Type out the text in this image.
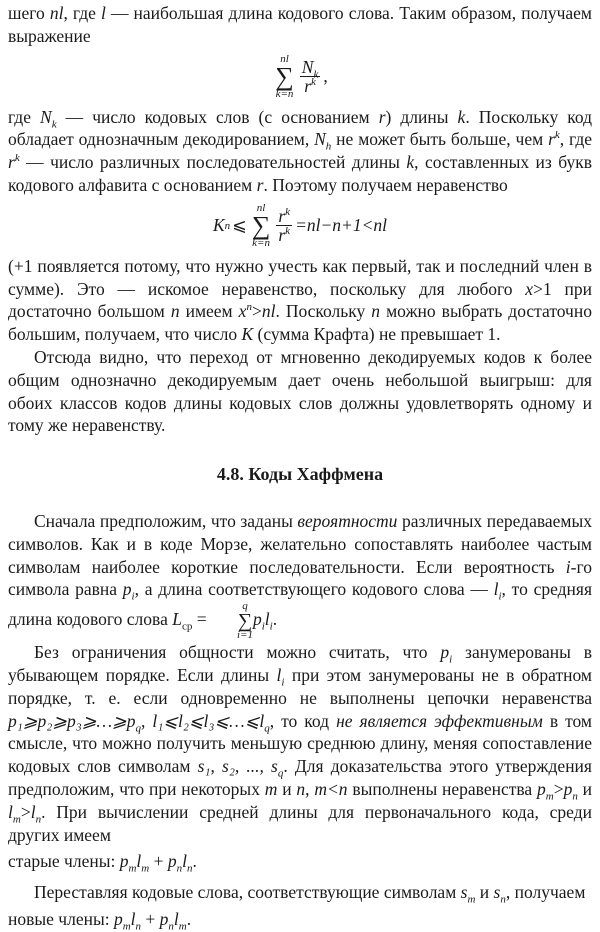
шего nl, где l — наибольшая длина кодового слова. Таким образом, получаем выражение

nl
∑
$k=n \frac{N_k}{r^k}$ ,

где $N_k$ — число кодовых слов (с основанием r) длины k. Поскольку код обладает однозначным декодированием, $N_h$ не может быть больше, чем $r^k$, где $r^k$ — число различных последовательностей длины k, составленных из букв кодового алфавита с основанием r. Поэтому получаем неравенство

K n ⩽
nl
∑
$k=n \frac{r^k}{r^k} =nl-n+1<nl$

(+1 появляется потому, что нужно учесть как первый, так и последний член в сумме). Это — искомое неравенство, поскольку для любого x>1 при достаточно большом n имеем $x^n>nl$. Поскольку n можно выбрать достаточно большим, получаем, что число K (сумма Крафта) не превышает 1.

Отсюда видно, что переход от мгновенно декодируемых кодов к более общим однозначно декодируемым дает очень небольшой выигрыш: для обоих классов кодов длины кодовых слов должны удовлетворять одному и тому же неравенству.

4.8. Коды Хаффмена

Сначала предположим, что заданы вероятности различных передаваемых символов. Как и в коде Морзе, желательно сопоставлять наиболее частым символам наиболее короткие последовательности. Если вероятность i-го символа равна $p_i$, а длина соответствующего кодового слова — $l_i$, то средняя длина кодового слова $L_{ср}$ =
q
∑
i=1
$p_il_i$.

Без ограничения общности можно считать, что $p_i$ занумерованы в убывающем порядке. Если длины $l_i$ при этом занумерованы не в обратном порядке, т. е. если одновременно не выполнены цепочки неравенства $p_1⩾p_2⩾p_3⩾\dots⩾p_q$, $l_1⩽l_2⩽l_3⩽\dots⩽l_q$, то код не является эффективным в том смысле, что можно получить меньшую среднюю длину, меняя сопоставление кодовых слов символам s₁, s₂, ..., $s_q$. Для доказательства этого утверждения предположим, что при некоторых m и n, m<n выполнены неравенства $p_m>p_n$ и $l_m>l_n$. При вычислении средней длины для первоначального кода, среди других имеем

старые члены: $p_ml_m + p_nl_n$.

Переставляя кодовые слова, соответствующие символам $s_m$ и $s_n$, получаем

новые члены: $p_ml_n + p_nl_m$.
